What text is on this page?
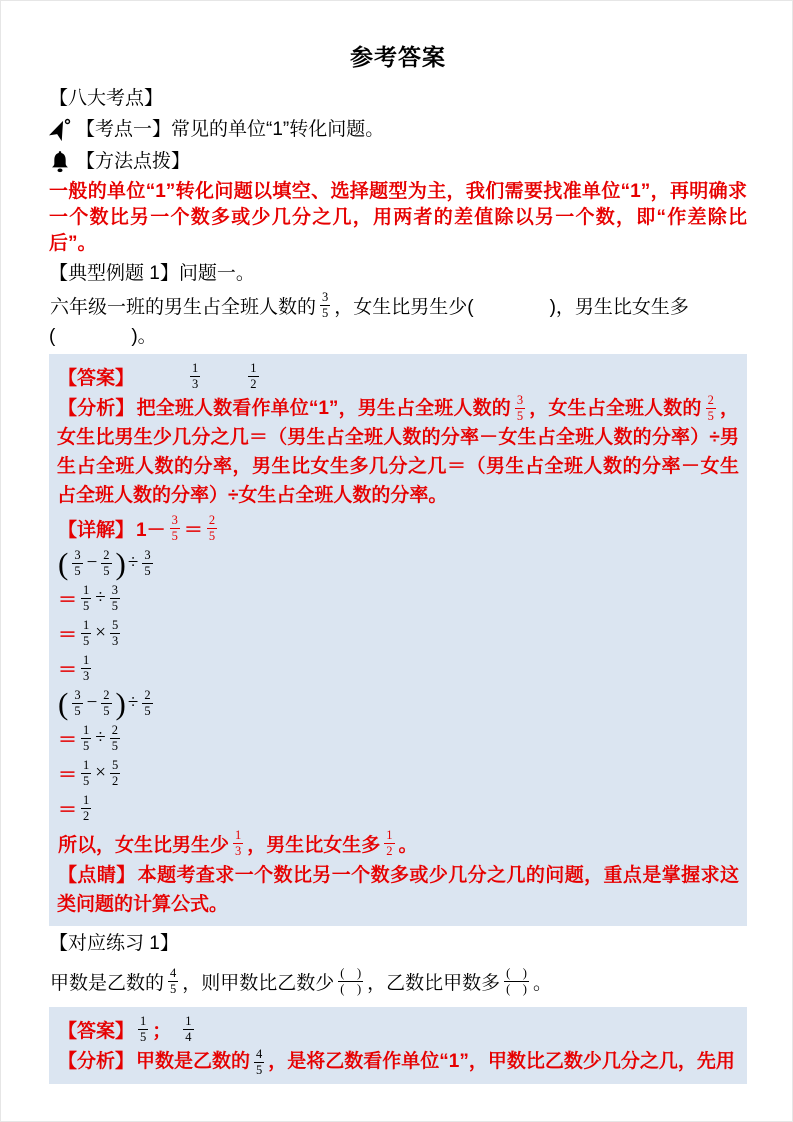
参考答案
【八大考点】
【考点一】常见的单位“1”转化问题。
【方法点拨】
一般的单位“1”转化问题以填空、选择题型为主，我们需要找准单位“1”，再明确求一个数比另一个数多或少几分之几，用两者的差值除以另一个数，即“作差除比后”。
【典型例题 1】问题一。
六年级一班的男生占全班人数的 $\frac{3}{5}$ ，女生比男生少(　　　　)，男生比女生多
(　　　　)。
【答案】	$\frac{1}{3}$	$\frac{1}{2}$
【分析】 把全班人数看作单位“1”，男生占全班人数的 $\frac{3}{5}$ ，女生占全班人数的 $\frac{2}{5}$ ，女生比男生少几分之几＝（男生占全班人数的分率－女生占全班人数的分率）÷男生占全班人数的分率，男生比女生多几分之几＝（男生占全班人数的分率－女生占全班人数的分率）÷女生占全班人数的分率。
【详解】 $1- \frac{3}{5} = \frac{2}{5}$
( $\frac{3}{5} - \frac{2}{5}$ ) ÷ $\frac{3}{5}$
＝ $\frac{1}{5} \div \frac{3}{5}$
＝ $\frac{1}{5} \times \frac{5}{3}$
＝ $\frac{1}{3}$
( $\frac{3}{5} - \frac{2}{5}$ ) ÷ $\frac{2}{5}$
＝ $\frac{1}{5} \div \frac{2}{5}$
＝ $\frac{1}{5} \times \frac{5}{2}$
＝ $\frac{1}{2}$
所以，女生比男生少 $\frac{1}{3}$ ，男生比女生多 $\frac{1}{2}$ 。
【点睛】 本题考查求一个数比另一个数多或少几分之几的问题，重点是掌握求这类问题的计算公式。
【对应练习 1】
甲数是乙数的 $\frac{4}{5}$ ，则甲数比乙数少 $\frac{( )}{( )}$ ，乙数比甲数多 $\frac{( )}{( )}$ 。
【答案】 $\frac{1}{5}$ ； $\frac{1}{4}$
【分析】 甲数是乙数的 $\frac{4}{5}$ ，是将乙数看作单位“1”，甲数比乙数少几分之几，先用
